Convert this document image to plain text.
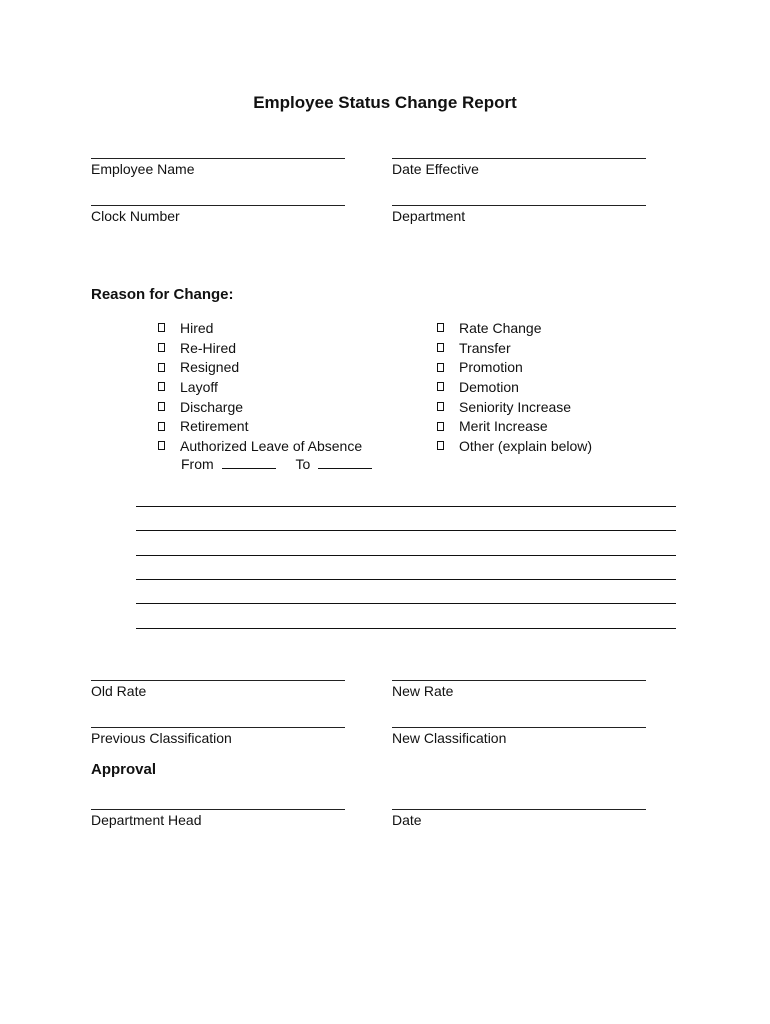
Employee Status Change Report
Employee Name	Date Effective
Clock Number	Department
Reason for Change:
Hired
Re-Hired
Resigned
Layoff
Discharge
Retirement
Authorized Leave of Absence
From	To
Rate Change
Transfer
Promotion
Demotion
Seniority Increase
Merit Increase
Other (explain below)
Old Rate	New Rate
Previous Classification	New Classification
Approval
Department Head	Date
